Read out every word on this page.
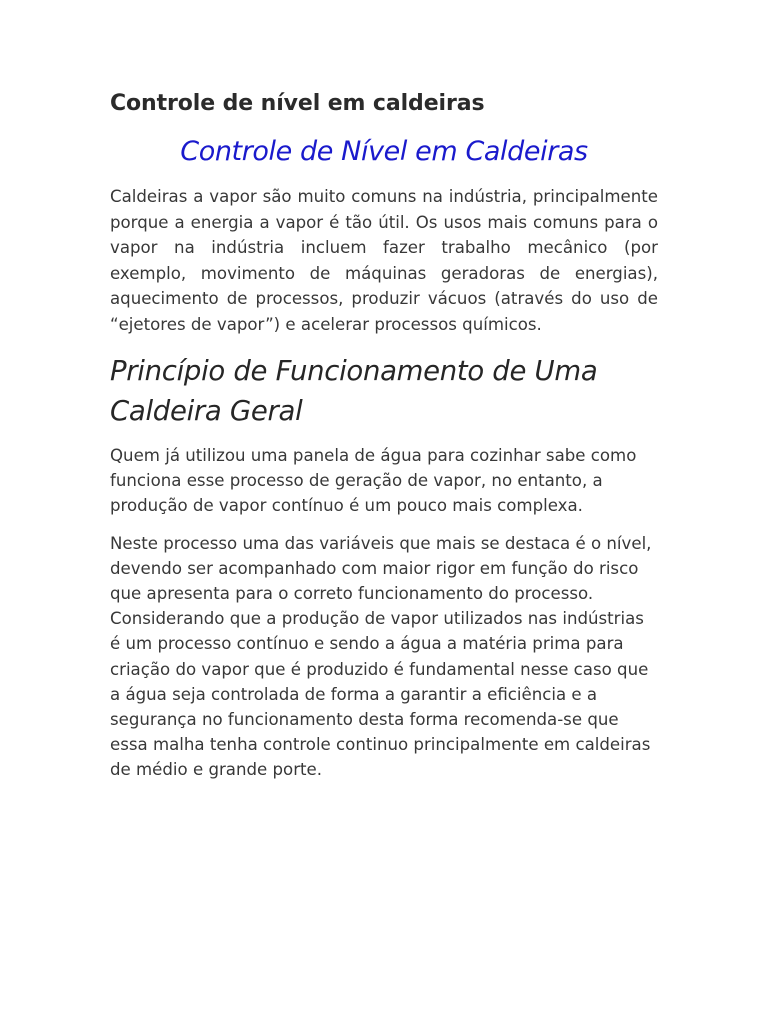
Controle de nível em caldeiras
Controle de Nível em Caldeiras

Caldeiras a vapor são muito comuns na indústria, principalmente porque a energia a vapor é tão útil. Os usos mais comuns para o vapor na indústria incluem fazer trabalho mecânico (por exemplo, movimento de máquinas geradoras de energias), aquecimento de processos, produzir vácuos (através do uso de “ejetores de vapor”) e acelerar processos químicos.

Princípio de Funcionamento de Uma Caldeira Geral

Quem já utilizou uma panela de água para cozinhar sabe como funciona esse processo de geração de vapor, no entanto, a produção de vapor contínuo é um pouco mais complexa.

Neste processo uma das variáveis que mais se destaca é o nível, devendo ser acompanhado com maior rigor em função do risco que apresenta para o correto funcionamento do processo. Considerando que a produção de vapor utilizados nas indústrias é um processo contínuo e sendo a água a matéria prima para criação do vapor que é produzido é fundamental nesse caso que a água seja controlada de forma a garantir a eficiência e a segurança no funcionamento desta forma recomenda-se que essa malha tenha controle continuo principalmente em caldeiras de médio e grande porte.
